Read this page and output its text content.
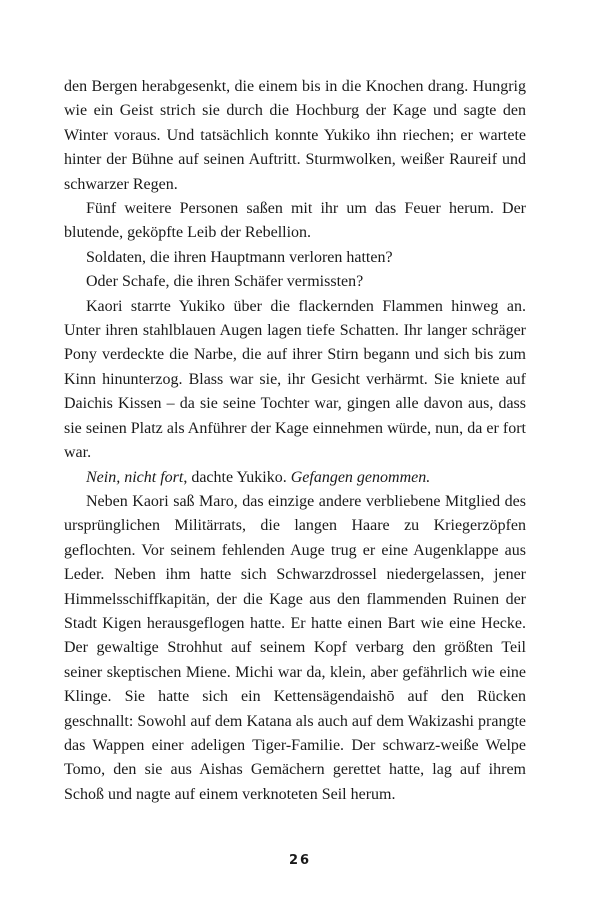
den Bergen herabgesenkt, die einem bis in die Knochen drang. Hungrig wie ein Geist strich sie durch die Hochburg der Kage und sagte den Winter voraus. Und tatsächlich konnte Yukiko ihn riechen; er wartete hinter der Bühne auf seinen Auftritt. Sturmwolken, weißer Raureif und schwarzer Regen.

Fünf weitere Personen saßen mit ihr um das Feuer herum. Der blutende, geköpfte Leib der Rebellion.

Soldaten, die ihren Hauptmann verloren hatten?

Oder Schafe, die ihren Schäfer vermissten?

Kaori starrte Yukiko über die flackernden Flammen hinweg an. Unter ihren stahlblauen Augen lagen tiefe Schatten. Ihr langer schräger Pony verdeckte die Narbe, die auf ihrer Stirn begann und sich bis zum Kinn hinunterzog. Blass war sie, ihr Gesicht verhärmt. Sie kniete auf Daichis Kissen – da sie seine Tochter war, gingen alle davon aus, dass sie seinen Platz als Anführer der Kage einnehmen würde, nun, da er fort war.

Nein, nicht fort, dachte Yukiko. Gefangen genommen.

Neben Kaori saß Maro, das einzige andere verbliebene Mitglied des ursprünglichen Militärrats, die langen Haare zu Kriegerzöpfen geflochten. Vor seinem fehlenden Auge trug er eine Augenklappe aus Leder. Neben ihm hatte sich Schwarzdrossel niedergelassen, jener Himmelsschiffkapitän, der die Kage aus den flammenden Ruinen der Stadt Kigen herausgeflogen hatte. Er hatte einen Bart wie eine Hecke. Der gewaltige Strohhut auf seinem Kopf verbarg den größten Teil seiner skeptischen Miene. Michi war da, klein, aber gefährlich wie eine Klinge. Sie hatte sich ein Kettensägendaishō auf den Rücken geschnallt: Sowohl auf dem Katana als auch auf dem Wakizashi prangte das Wappen einer adeligen Tiger-Familie. Der schwarz-weiße Welpe Tomo, den sie aus Aishas Gemächern gerettet hatte, lag auf ihrem Schoß und nagte auf einem verknoteten Seil herum.

26
